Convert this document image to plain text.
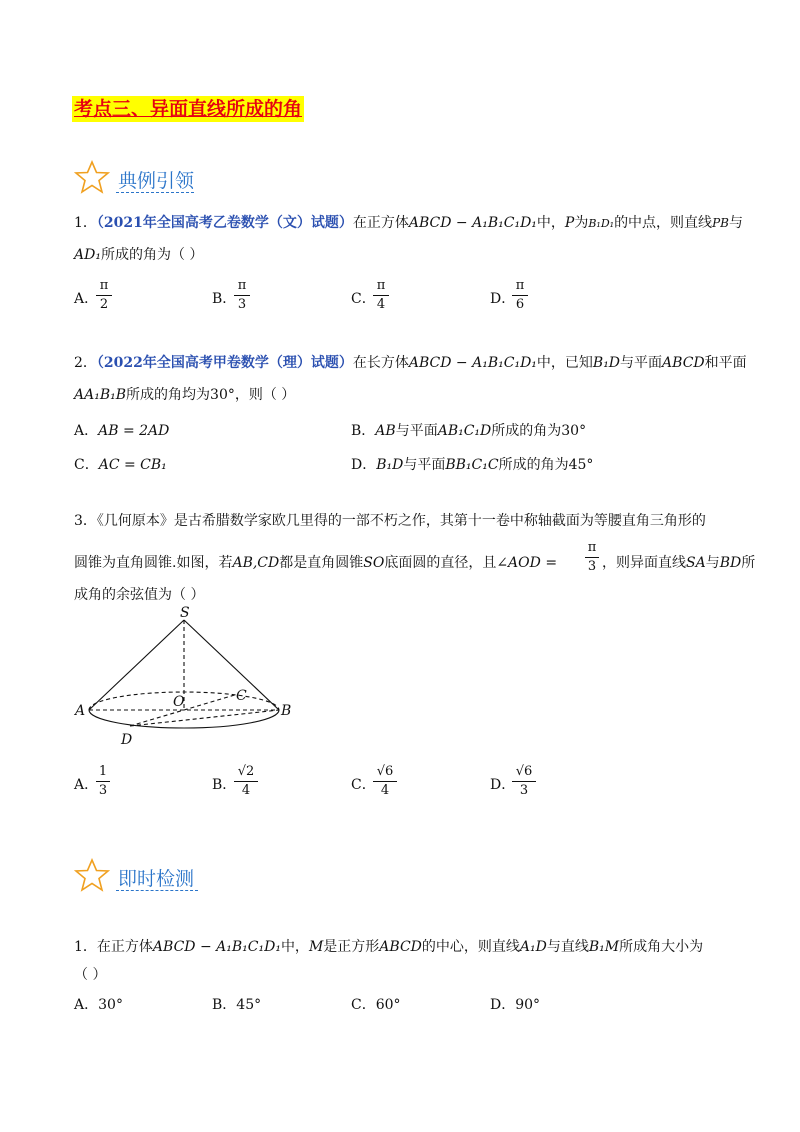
考点三、异面直线所成的角
典例引领
1．（2021年全国高考乙卷数学（文）试题）在正方体ABCD − A₁B₁C₁D₁中，P为B₁D₁的中点，则直线PB与
AD₁所成的角为（ ）
A．
π
2	B．
π
3	C．
π
4	D．
π
6
2．（2022年全国高考甲卷数学（理）试题）在长方体ABCD − A₁B₁C₁D₁中，已知B₁D与平面ABCD和平面
AA₁B₁B所成的角均为30°，则（ ）
A．AB = 2AD	B．AB与平面AB₁C₁D所成的角为30°
C．AC = CB₁	D．B₁D与平面BB₁C₁C所成的角为45°
3．《几何原本》是古希腊数学家欧几里得的一部不朽之作，其第十一卷中称轴截面为等腰直角三角形的
圆锥为直角圆锥.如图，若AB,CD都是直角圆锥SO底面圆的直径，且∠AOD =
π
3 ，则异面直线SA与BD所
成角的余弦值为（ ）
S
O	C
A	B
D
A．
1
3	B．
√2
4	C．
√6
4	D．
√6
3
即时检测
1．在正方体ABCD − A₁B₁C₁D₁中，M是正方形ABCD的中心，则直线A₁D与直线B₁M所成角大小为
（ ）
A．30°	B．45°	C．60°	D．90°
